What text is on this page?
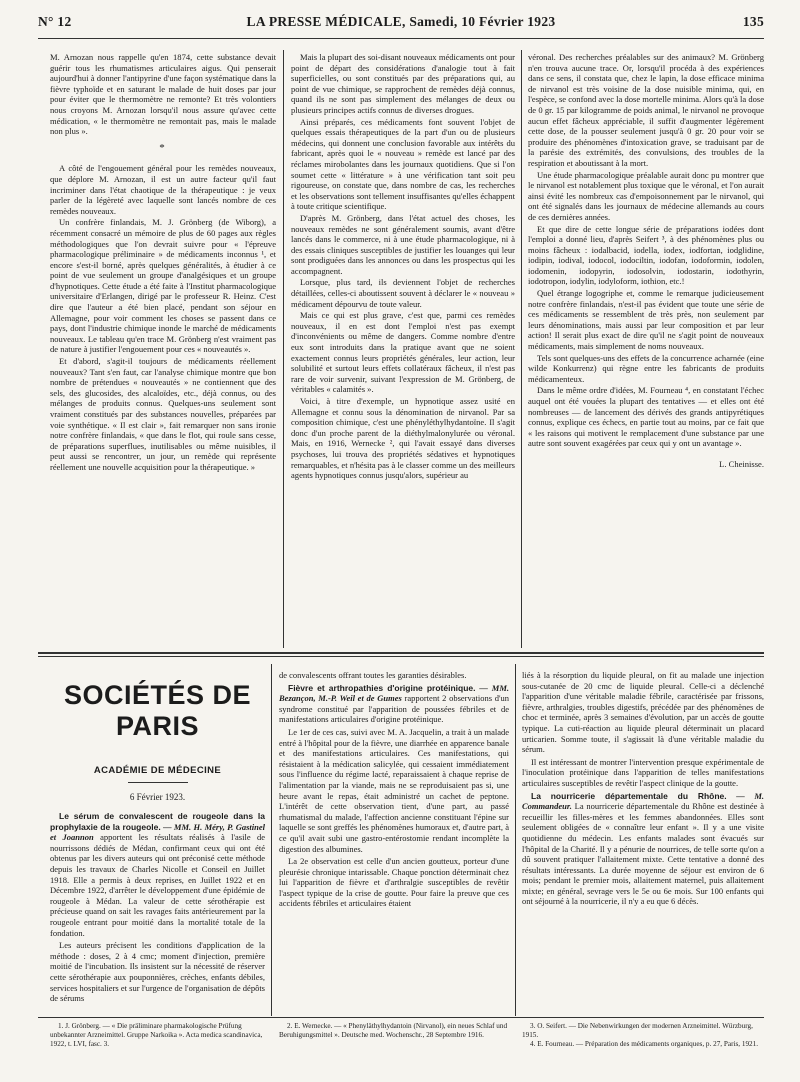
N° 12	LA PRESSE MÉDICALE, Samedi, 10 Février 1923	135

M. Arnozan nous rappelle qu'en 1874, cette substance devait guérir tous les rhumatismes articulaires aigus. Qui penserait aujourd'hui à donner l'antipyrine d'une façon systématique dans la fièvre typhoïde et en saturant le malade de huit doses par jour pour éviter que le thermomètre ne remonte? Et très volontiers nous croyons M. Arnozan lorsqu'il nous assure qu'avec cette médication, « le thermomètre ne remontait pas, mais le malade non plus ».

*

A côté de l'engouement général pour les remèdes nouveaux, que déplore M. Arnozan, il est un autre facteur qu'il faut incriminer dans l'état chaotique de la thérapeutique : je veux parler de la légèreté avec laquelle sont lancés nombre de ces remèdes nouveaux.

Un confrère finlandais, M. J. Grönberg (de Wiborg), a récemment consacré un mémoire de plus de 60 pages aux règles méthodologiques que l'on devrait suivre pour « l'épreuve pharmacologique préliminaire » de médicaments inconnus ¹, et encore s'est-il borné, après quelques généralités, à étudier à ce point de vue seulement un groupe d'analgésiques et un groupe d'hypnotiques. Cette étude a été faite à l'Institut pharmacologique universitaire d'Erlangen, dirigé par le professeur R. Heinz. C'est dire que l'auteur a été bien placé, pendant son séjour en Allemagne, pour voir comment les choses se passent dans ce pays, dont l'industrie chimique inonde le marché de médicaments nouveaux. Le tableau qu'en trace M. Grönberg n'est vraiment pas de nature à justifier l'engouement pour ces « nouveautés ».

Et d'abord, s'agit-il toujours de médicaments réellement nouveaux? Tant s'en faut, car l'analyse chimique montre que bon nombre de prétendues « nouveautés » ne contiennent que des sels, des glucosides, des alcaloïdes, etc., déjà connus, ou des mélanges de produits connus. Quelques-uns seulement sont vraiment constitués par des substances nouvelles, préparées par voie synthétique. « Il est clair », fait remarquer non sans ironie notre confrère finlandais, « que dans le flot, qui roule sans cesse, de préparations superflues, inutilisables ou même nuisibles, il peut aussi se rencontrer, un jour, un remède qui représente réellement une nouvelle acquisition pour la thérapeutique. »

Mais la plupart des soi-disant nouveaux médicaments ont pour point de départ des considérations d'analogie tout à fait superficielles, ou sont constitués par des préparations qui, au point de vue chimique, se rapprochent de remèdes déjà connus, quand ils ne sont pas simplement des mélanges de deux ou plusieurs principes actifs connus de diverses drogues.

Ainsi préparés, ces médicaments font souvent l'objet de quelques essais thérapeutiques de la part d'un ou de plusieurs médecins, qui donnent une conclusion favorable aux intérêts du fabricant, après quoi le « nouveau » remède est lancé par des réclames mirobolantes dans les journaux quotidiens. Que si l'on soumet cette « littérature » à une vérification tant soit peu rigoureuse, on constate que, dans nombre de cas, les recherches et les observations sont tellement insuffisantes qu'elles échappent à toute critique scientifique.

D'après M. Grönberg, dans l'état actuel des choses, les nouveaux remèdes ne sont généralement soumis, avant d'être lancés dans le commerce, ni à une étude pharmacologique, ni à des essais cliniques susceptibles de justifier les louanges qui leur sont prodiguées dans les annonces ou dans les prospectus qui les accompagnent.

Lorsque, plus tard, ils deviennent l'objet de recherches détaillées, celles-ci aboutissent souvent à déclarer le « nouveau » médicament dépourvu de toute valeur.

Mais ce qui est plus grave, c'est que, parmi ces remèdes nouveaux, il en est dont l'emploi n'est pas exempt d'inconvénients ou même de dangers. Comme nombre d'entre eux sont introduits dans la pratique avant que ne soient exactement connus leurs propriétés générales, leur action, leur solubilité et surtout leurs effets collatéraux fâcheux, il n'est pas rare de voir survenir, suivant l'expression de M. Grönberg, de véritables « calamités ».

Voici, à titre d'exemple, un hypnotique assez usité en Allemagne et connu sous la dénomination de nirvanol. Par sa composition chimique, c'est une phényléthylhydantoïne. Il s'agit donc d'un proche parent de la diéthylmalonylurée ou véronal. Mais, en 1916, Wernecke ², qui l'avait essayé dans diverses psychoses, lui trouva des propriétés sédatives et hypnotiques remarquables, et n'hésita pas à le classer comme un des meilleurs agents hypnotiques connus jusqu'alors, supérieur au

véronal. Des recherches préalables sur des animaux? M. Grönberg n'en trouva aucune trace. Or, lorsqu'il procéda à des expériences dans ce sens, il constata que, chez le lapin, la dose efficace minima de nirvanol est très voisine de la dose nuisible minima, qui, en l'espèce, se confond avec la dose mortelle minima. Alors qu'à la dose de 0 gr. 15 par kilogramme de poids animal, le nirvanol ne provoque aucun effet fâcheux appréciable, il suffit d'augmenter légèrement cette dose, de la pousser seulement jusqu'à 0 gr. 20 pour voir se produire des phénomènes d'intoxication grave, se traduisant par de la parésie des extrémités, des convulsions, des troubles de la respiration et aboutissant à la mort.

Une étude pharmacologique préalable aurait donc pu montrer que le nirvanol est notablement plus toxique que le véronal, et l'on aurait ainsi évité les nombreux cas d'empoisonnement par le nirvanol, qui ont été signalés dans les journaux de médecine allemands au cours de ces dernières années.

Et que dire de cette longue série de préparations iodées dont l'emploi a donné lieu, d'après Seifert ³, à des phénomènes plus ou moins fâcheux : iodalbacid, iodella, iodex, iodfortan, iodglidine, iodipin, iodival, iodocol, iodociltin, iodofan, iodoformin, iodolen, iodomenin, iodopyrin, iodosolvin, iodostarin, iodothyrin, iodotropon, iodylin, iodyloform, iothion, etc.!

Quel étrange logogriphe et, comme le remarque judicieusement notre confrère finlandais, n'est-il pas évident que toute une série de ces médicaments se ressemblent de très près, non seulement par leurs dénominations, mais aussi par leur composition et par leur action! Il serait plus exact de dire qu'il ne s'agit point de nouveaux médicaments, mais simplement de noms nouveaux.

Tels sont quelques-uns des effets de la concurrence acharnée (eine wilde Konkurrenz) qui règne entre les fabricants de produits médicamenteux.

Dans le même ordre d'idées, M. Fourneau ⁴, en constatant l'échec auquel ont été vouées la plupart des tentatives — et elles ont été nombreuses — de lancement des dérivés des grands antipyrétiques connus, explique ces échecs, en partie tout au moins, par ce fait que « les raisons qui motivent le remplacement d'une substance par une autre sont souvent exagérées par ceux qui y ont un avantage ».

L. Cheinisse.
SOCIÉTÉS DE PARIS
ACADÉMIE DE MÉDECINE
6 Février 1923.

Le sérum de convalescent de rougeole dans la prophylaxie de la rougeole. — MM. H. Méry, P. Gastinel et Joannon apportent les résultats réalisés à l'asile de nourrissons dédiés de Médan, confirmant ceux qui ont été obtenus par les divers auteurs qui ont préconisé cette méthode depuis les travaux de Charles Nicolle et Conseil en Juillet 1918. Elle a permis à deux reprises, en Juillet 1922 et en Décembre 1922, d'arrêter le développement d'une épidémie de rougeole à Médan. La valeur de cette sérothérapie est précieuse quand on sait les ravages faits antérieurement par la rougeole entrant pour moitié dans la mortalité totale de la fondation.

Les auteurs précisent les conditions d'application de la méthode : doses, 2 à 4 cmc; moment d'injection, première moitié de l'incubation. Ils insistent sur la nécessité de réserver cette sérothérapie aux pouponnières, crèches, enfants débiles, services hospitaliers et sur l'urgence de l'organisation de dépôts de sérums

de convalescents offrant toutes les garanties désirables.

Fièvre et arthropathies d'origine protéinique. — MM. Bezançon, M.-P. Weil et de Gumes rapportent 2 observations d'un syndrome constitué par l'apparition de poussées fébriles et de manifestations articulaires d'origine protéinique.

Le 1er de ces cas, suivi avec M. A. Jacquelin, a trait à un malade entré à l'hôpital pour de la fièvre, une diarrhée en apparence banale et des manifestations articulaires. Ces manifestations, qui résistaient à la médication salicylée, qui cessaient immédiatement sous l'influence du régime lacté, reparaissaient à chaque reprise de l'alimentation par la viande, mais ne se reproduisaient pas si, une heure avant le repas, était administré un cachet de peptone. L'intérêt de cette observation tient, d'une part, au passé rhumatismal du malade, l'affection ancienne constituant l'épine sur laquelle se sont greffés les phénomènes humoraux et, d'autre part, à ce qu'il avait subi une gastro-entérostomie rendant incomplète la digestion des albumines.

La 2e observation est celle d'un ancien goutteux, porteur d'une pleurésie chronique intarissable. Chaque ponction déterminait chez lui l'apparition de fièvre et d'arthralgie susceptibles de revêtir l'aspect typique de la crise de goutte. Pour faire la preuve que ces accidents fébriles et articulaires étaient

liés à la résorption du liquide pleural, on fit au malade une injection sous-cutanée de 20 cmc de liquide pleural. Celle-ci a déclenché l'apparition d'une véritable maladie fébrile, caractérisée par frissons, fièvre, arthralgies, troubles digestifs, précédée par des phénomènes de choc et terminée, après 3 semaines d'évolution, par un accès de goutte typique. La cuti-réaction au liquide pleural déterminait un placard urticarien. Somme toute, il s'agissait là d'une véritable maladie du sérum.

Il est intéressant de montrer l'intervention presque expérimentale de l'inoculation protéinique dans l'apparition de telles manifestations articulaires susceptibles de revêtir l'aspect clinique de la goutte.

La nourricerie départementale du Rhône. — M. Commandeur. La nourricerie départementale du Rhône est destinée à recueillir les filles-mères et les femmes abandonnées. Elles sont seulement obligées de « connaître leur enfant ». Il y a une visite quotidienne du médecin. Les enfants malades sont évacués sur l'hôpital de la Charité. Il y a pénurie de nourrices, de telle sorte qu'on a dû souvent pratiquer l'allaitement mixte. Cette tentative a donné des résultats intéressants. La durée moyenne de séjour est environ de 6 mois; pendant le premier mois, allaitement maternel, puis allaitement mixte; en général, sevrage vers le 5e ou 6e mois. Sur 100 enfants qui ont séjourné à la nourricerie, il n'y a eu que 6 décès.

1. J. Grönberg. — « Die präliminare pharmakologische Prüfung unbekannter Arzneimittel. Gruppe Narkoika ». Acta medica scandinavica, 1922, t. LVI, fasc. 3.

2. E. Wernecke. — « Phenyläthylhydantoin (Nirvanol), ein neues Schlaf und Beruhigungsmittel ». Deutsche med. Wochenschr., 28 Septembre 1916.

3. O. Seifert. — Die Nebenwirkungen der modernen Arzneimittel. Würzburg, 1915.

4. E. Fourneau. — Préparation des médicaments organiques, p. 27, Paris, 1921.
